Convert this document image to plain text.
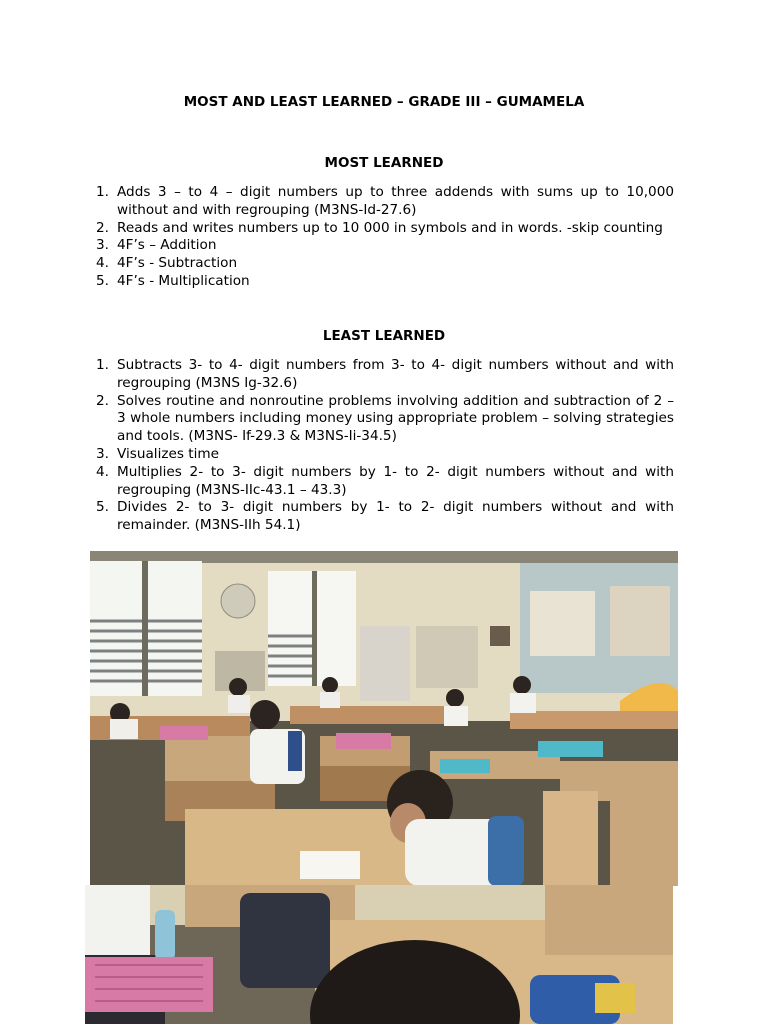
MOST AND LEAST LEARNED – GRADE III – GUMAMELA
MOST LEARNED
1. Adds 3 – to 4 – digit numbers up to three addends with sums up to 10,000 without and with regrouping (M3NS-Id-27.6)
2. Reads and writes numbers up to 10 000 in symbols and in words. -skip counting
3. 4F’s – Addition
4. 4F’s - Subtraction
5. 4F’s - Multiplication
LEAST LEARNED
1. Subtracts 3- to 4- digit numbers from 3- to 4- digit numbers without and with regrouping (M3NS Ig-32.6)
2. Solves routine and nonroutine problems involving addition and subtraction of 2 – 3 whole numbers including money using appropriate problem – solving strategies and tools. (M3NS- If-29.3 & M3NS-Ii-34.5)
3. Visualizes time
4. Multiplies 2- to 3- digit numbers by 1- to 2- digit numbers without and with regrouping (M3NS-IIc-43.1 – 43.3)
5. Divides 2- to 3- digit numbers by 1- to 2- digit numbers without and with remainder. (M3NS-IIh 54.1)
